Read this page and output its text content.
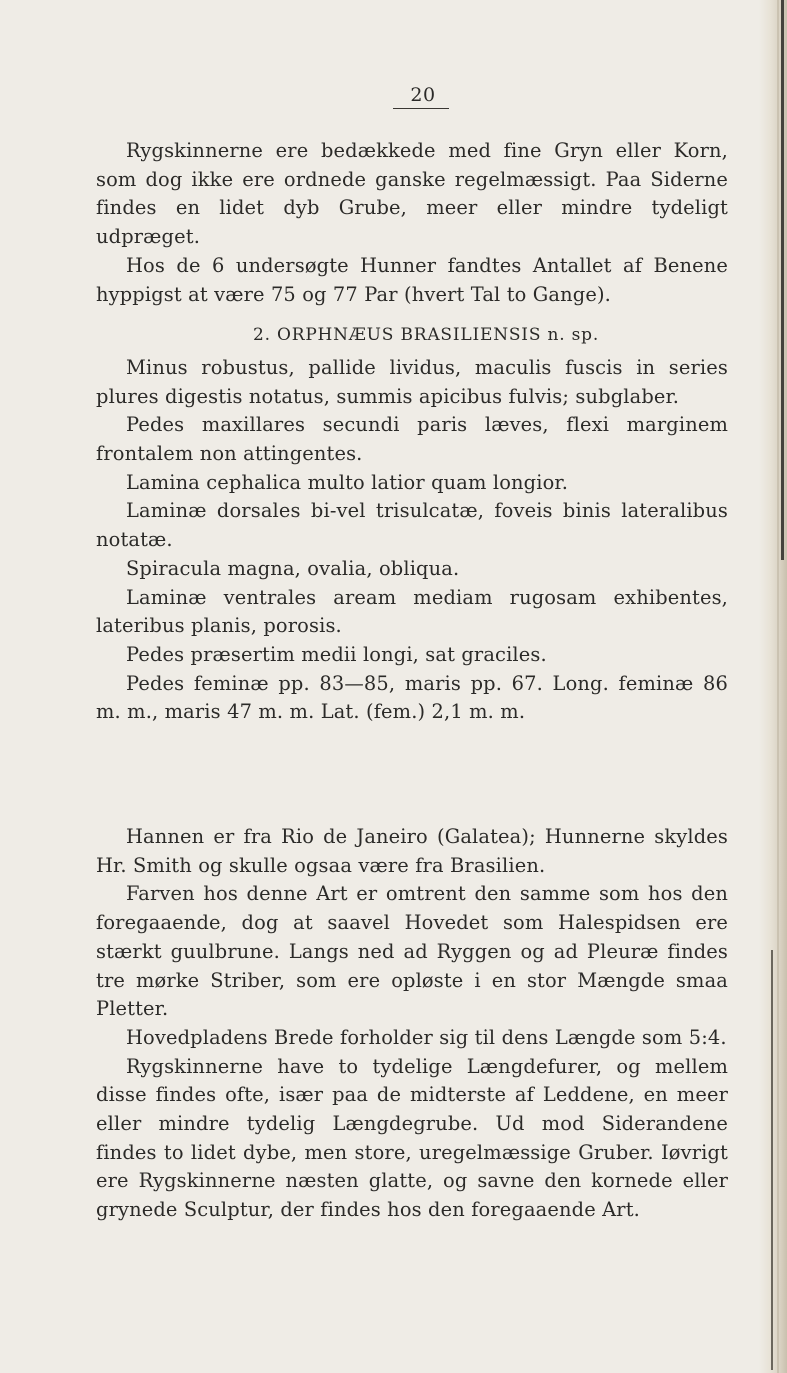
20

Rygskinnerne ere bedækkede med fine Gryn eller Korn, som dog ikke ere ordnede ganske regelmæssigt. Paa Siderne findes en lidet dyb Grube, meer eller mindre tydeligt udpræget.

Hos de 6 undersøgte Hunner fandtes Antallet af Benene hyppigst at være 75 og 77 Par (hvert Tal to Gange).

2. ORPHNÆUS BRASILIENSIS n. sp.

Minus robustus, pallide lividus, maculis fuscis in series plures digestis notatus, summis apicibus fulvis; subglaber.

Pedes maxillares secundi paris læves, flexi marginem frontalem non attingentes.

Lamina cephalica multo latior quam longior.

Laminæ dorsales bi-vel trisulcatæ, foveis binis lateralibus notatæ.

Spiracula magna, ovalia, obliqua.

Laminæ ventrales aream mediam rugosam exhibentes, lateribus planis, porosis.

Pedes præsertim medii longi, sat graciles.

Pedes feminæ pp. 83—85, maris pp. 67. Long. feminæ 86 m. m., maris 47 m. m. Lat. (fem.) 2,1 m. m.

Hannen er fra Rio de Janeiro (Galatea); Hunnerne skyldes Hr. Smith og skulle ogsaa være fra Brasilien.

Farven hos denne Art er omtrent den samme som hos den foregaaende, dog at saavel Hovedet som Halespidsen ere stærkt guulbrune. Langs ned ad Ryggen og ad Pleuræ findes tre mørke Striber, som ere opløste i en stor Mængde smaa Pletter.

Hovedpladens Brede forholder sig til dens Længde som 5:4.

Rygskinnerne have to tydelige Længdefurer, og mellem disse findes ofte, især paa de midterste af Leddene, en meer eller mindre tydelig Længdegrube. Ud mod Siderandene findes to lidet dybe, men store, uregelmæssige Gruber. Iøvrigt ere Rygskinnerne næsten glatte, og savne den kornede eller grynede Sculptur, der findes hos den foregaaende Art.
